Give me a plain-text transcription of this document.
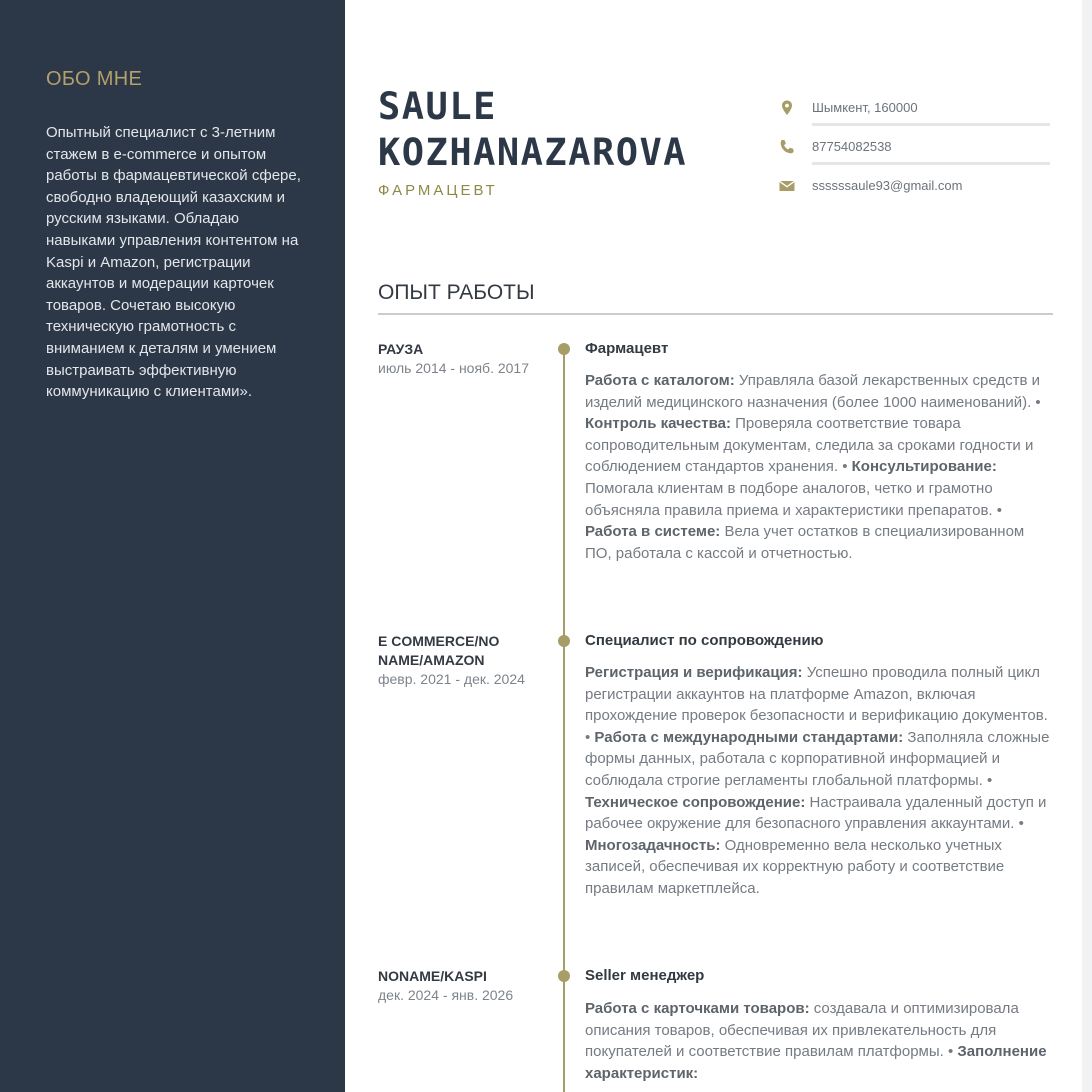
ОБО МНЕ
Опытный специалист с 3-летним стажем в e-commerce и опытом работы в фармацевтической сфере, свободно владеющий казахским и русским языками. Обладаю навыками управления контентом на Kaspi и Amazon, регистрации аккаунтов и модерации карточек товаров. Сочетаю высокую техническую грамотность с вниманием к деталям и умением выстраивать эффективную коммуникацию с клиентами».
SAULE
KOZHANAZAROVA
ФАРМАЦЕВТ
Шымкент, 160000
87754082538
ssssssaule93@gmail.com
ОПЫТ РАБОТЫ
РАУЗА
июль 2014 - нояб. 2017
Фармацевт
Работа с каталогом: Управляла базой лекарственных средств и изделий медицинского назначения (более 1000 наименований). • Контроль качества: Проверяла соответствие товара сопроводительным документам, следила за сроками годности и соблюдением стандартов хранения. • Консультирование: Помогала клиентам в подборе аналогов, четко и грамотно объясняла правила приема и характеристики препаратов. • Работа в системе: Вела учет остатков в специализированном ПО, работала с кассой и отчетностью.
E COMMERCE/NO NAME/AMAZON
февр. 2021 - дек. 2024
Специалист по сопровождению
Регистрация и верификация: Успешно проводила полный цикл регистрации аккаунтов на платформе Amazon, включая прохождение проверок безопасности и верификацию документов. • Работа с международными стандартами: Заполняла сложные формы данных, работала с корпоративной информацией и соблюдала строгие регламенты глобальной платформы. • Техническое сопровождение: Настраивала удаленный доступ и рабочее окружение для безопасного управления аккаунтами. • Многозадачность: Одновременно вела несколько учетных записей, обеспечивая их корректную работу и соответствие правилам маркетплейса.
NONAME/KASPI
дек. 2024 - янв. 2026
Seller менеджер
Работа с карточками товаров: создавала и оптимизировала описания товаров, обеспечивая их привлекательность для покупателей и соответствие правилам платформы. • Заполнение характеристик:
